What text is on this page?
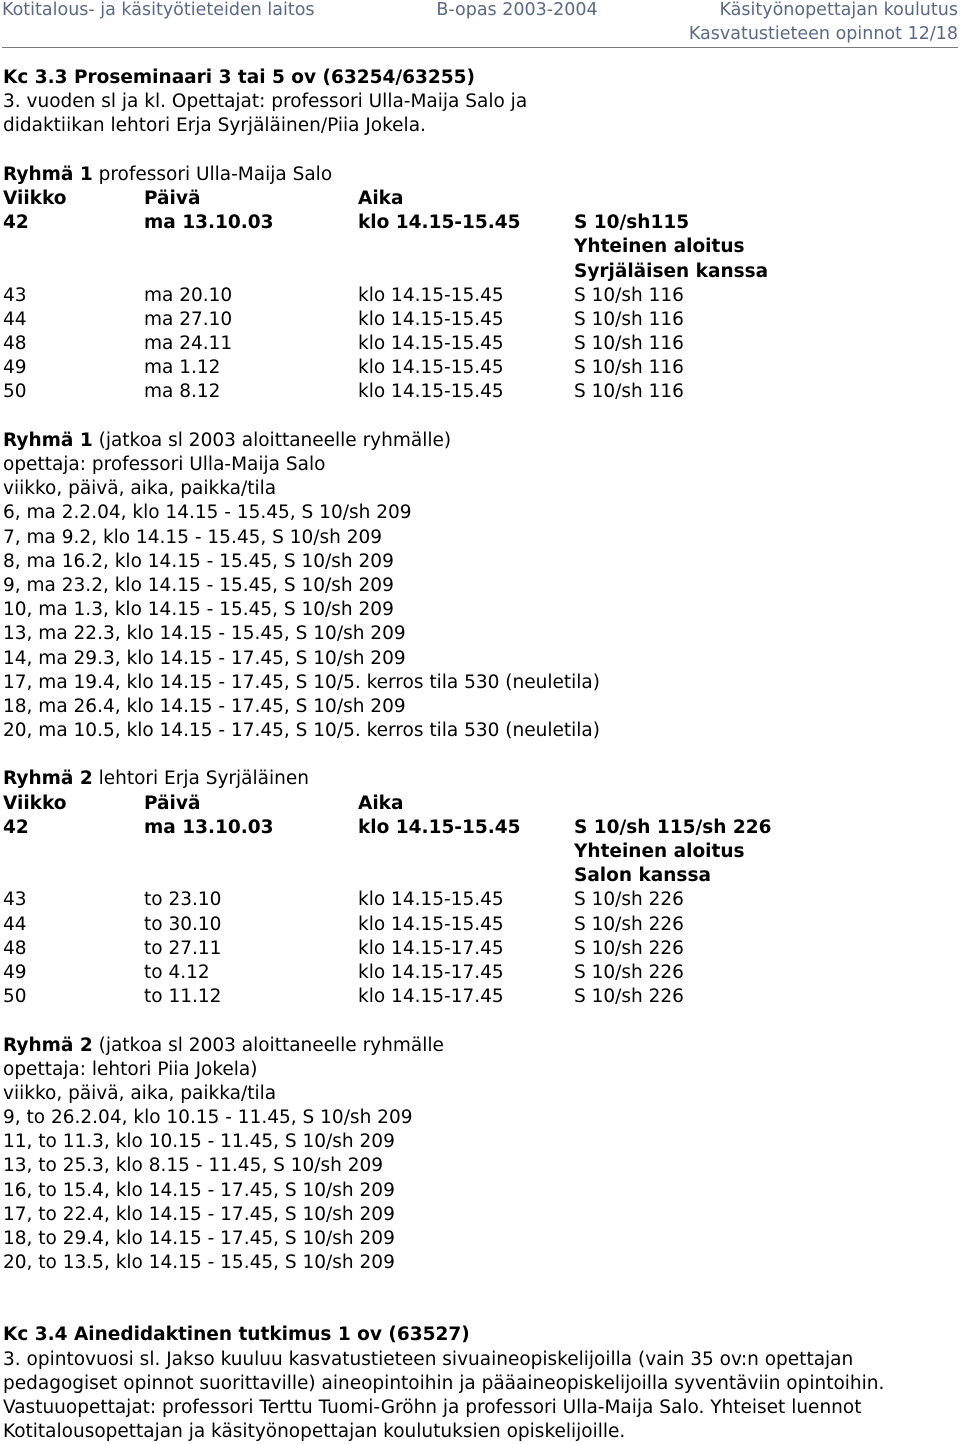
Kotitalous- ja käsityötieteiden laitos	B-opas 2003-2004	Käsityönopettajan koulutus
Kasvatustieteen opinnot 12/18
Kc 3.3 Proseminaari 3 tai 5 ov (63254/63255)
3. vuoden sl ja kl. Opettajat: professori Ulla-Maija Salo ja
didaktiikan lehtori Erja Syrjäläinen/Piia Jokela.
Ryhmä 1 professori Ulla-Maija Salo
Viikko	Päivä	Aika
42	ma 13.10.03	klo 14.15-15.45	S 10/sh115
Yhteinen aloitus
Syrjäläisen kanssa
43	ma 20.10	klo 14.15-15.45	S 10/sh 116
44	ma 27.10	klo 14.15-15.45	S 10/sh 116
48	ma 24.11	klo 14.15-15.45	S 10/sh 116
49	ma 1.12	klo 14.15-15.45	S 10/sh 116
50	ma 8.12	klo 14.15-15.45	S 10/sh 116
Ryhmä 1 (jatkoa sl 2003 aloittaneelle ryhmälle)
opettaja: professori Ulla-Maija Salo
viikko, päivä, aika, paikka/tila
6, ma 2.2.04, klo 14.15 - 15.45, S 10/sh 209
7, ma 9.2, klo 14.15 - 15.45, S 10/sh 209
8, ma 16.2, klo 14.15 - 15.45, S 10/sh 209
9, ma 23.2, klo 14.15 - 15.45, S 10/sh 209
10, ma 1.3, klo 14.15 - 15.45, S 10/sh 209
13, ma 22.3, klo 14.15 - 15.45, S 10/sh 209
14, ma 29.3, klo 14.15 - 17.45, S 10/sh 209
17, ma 19.4, klo 14.15 - 17.45, S 10/5. kerros tila 530 (neuletila)
18, ma 26.4, klo 14.15 - 17.45, S 10/sh 209
20, ma 10.5, klo 14.15 - 17.45, S 10/5. kerros tila 530 (neuletila)
Ryhmä 2 lehtori Erja Syrjäläinen
Viikko	Päivä	Aika
42	ma 13.10.03	klo 14.15-15.45	S 10/sh 115/sh 226
Yhteinen aloitus
Salon kanssa
43	to 23.10	klo 14.15-15.45	S 10/sh 226
44	to 30.10	klo 14.15-15.45	S 10/sh 226
48	to 27.11	klo 14.15-17.45	S 10/sh 226
49	to 4.12	klo 14.15-17.45	S 10/sh 226
50	to 11.12	klo 14.15-17.45	S 10/sh 226
Ryhmä 2 (jatkoa sl 2003 aloittaneelle ryhmälle
opettaja: lehtori Piia Jokela)
viikko, päivä, aika, paikka/tila
9, to 26.2.04, klo 10.15 - 11.45, S 10/sh 209
11, to 11.3, klo 10.15 - 11.45, S 10/sh 209
13, to 25.3, klo 8.15 - 11.45, S 10/sh 209
16, to 15.4, klo 14.15 - 17.45, S 10/sh 209
17, to 22.4, klo 14.15 - 17.45, S 10/sh 209
18, to 29.4, klo 14.15 - 17.45, S 10/sh 209
20, to 13.5, klo 14.15 - 15.45, S 10/sh 209
Kc 3.4 Ainedidaktinen tutkimus 1 ov (63527)
3. opintovuosi sl. Jakso kuuluu kasvatustieteen sivuaineopiskelijoilla (vain 35 ov:n opettajan
pedagogiset opinnot suorittaville) aineopintoihin ja pääaineopiskelijoilla syventäviin opintoihin.
Vastuuopettajat: professori Terttu Tuomi-Gröhn ja professori Ulla-Maija Salo. Yhteiset luennot
Kotitalousopettajan ja käsityönopettajan koulutuksien opiskelijoille.
